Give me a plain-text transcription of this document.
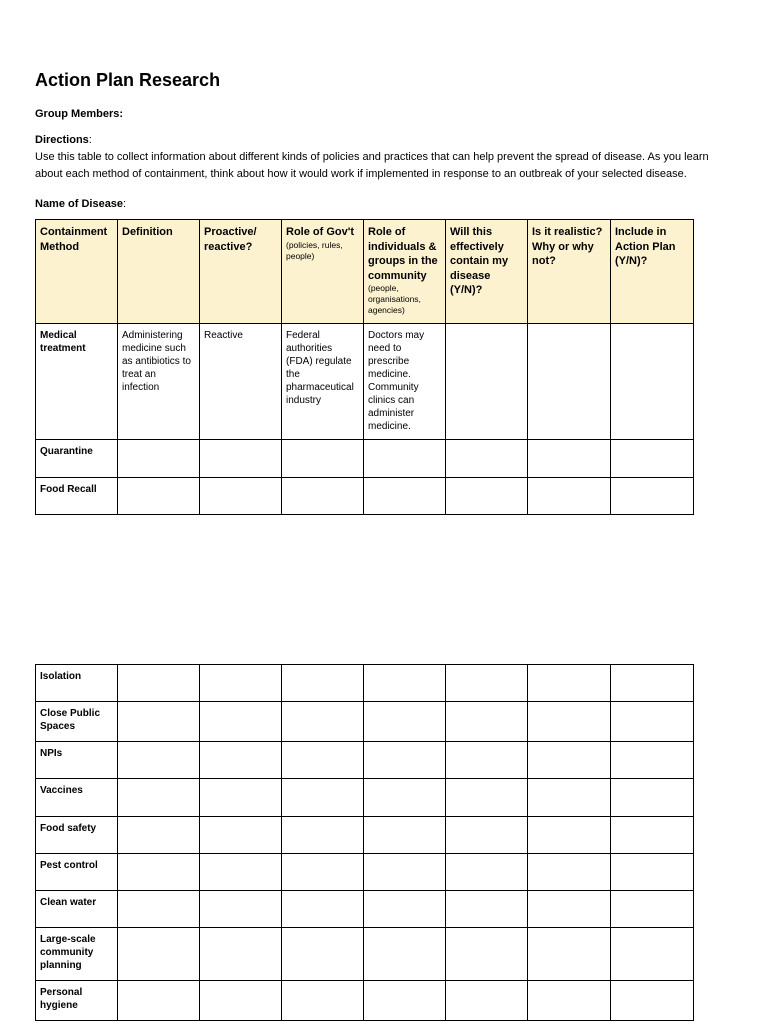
Action Plan Research

Group Members:

Directions:

Use this table to collect information about different kinds of policies and practices that can help prevent the spread of disease. As you learn about each method of containment, think about how it would work if implemented in response to an outbreak of your selected disease.

Name of Disease:

Containment Method	Definition	Proactive/ reactive?	Role of Gov't
(policies, rules, people)	Role of individuals & groups in the community
(people, organisations, agencies)	Will this effectively contain my disease (Y/N)?	Is it realistic? Why or why not?	Include in Action Plan (Y/N)?
Medical treatment	Administering medicine such as antibiotics to treat an infection	Reactive	Federal authorities (FDA) regulate the pharmaceutical industry	Doctors may need to prescribe medicine. Community clinics can administer medicine.			
Quarantine							
Food Recall							
Isolation							
Close Public Spaces							
NPIs							
Vaccines							
Food safety							
Pest control							
Clean water							
Large-scale community planning							
Personal hygiene							
